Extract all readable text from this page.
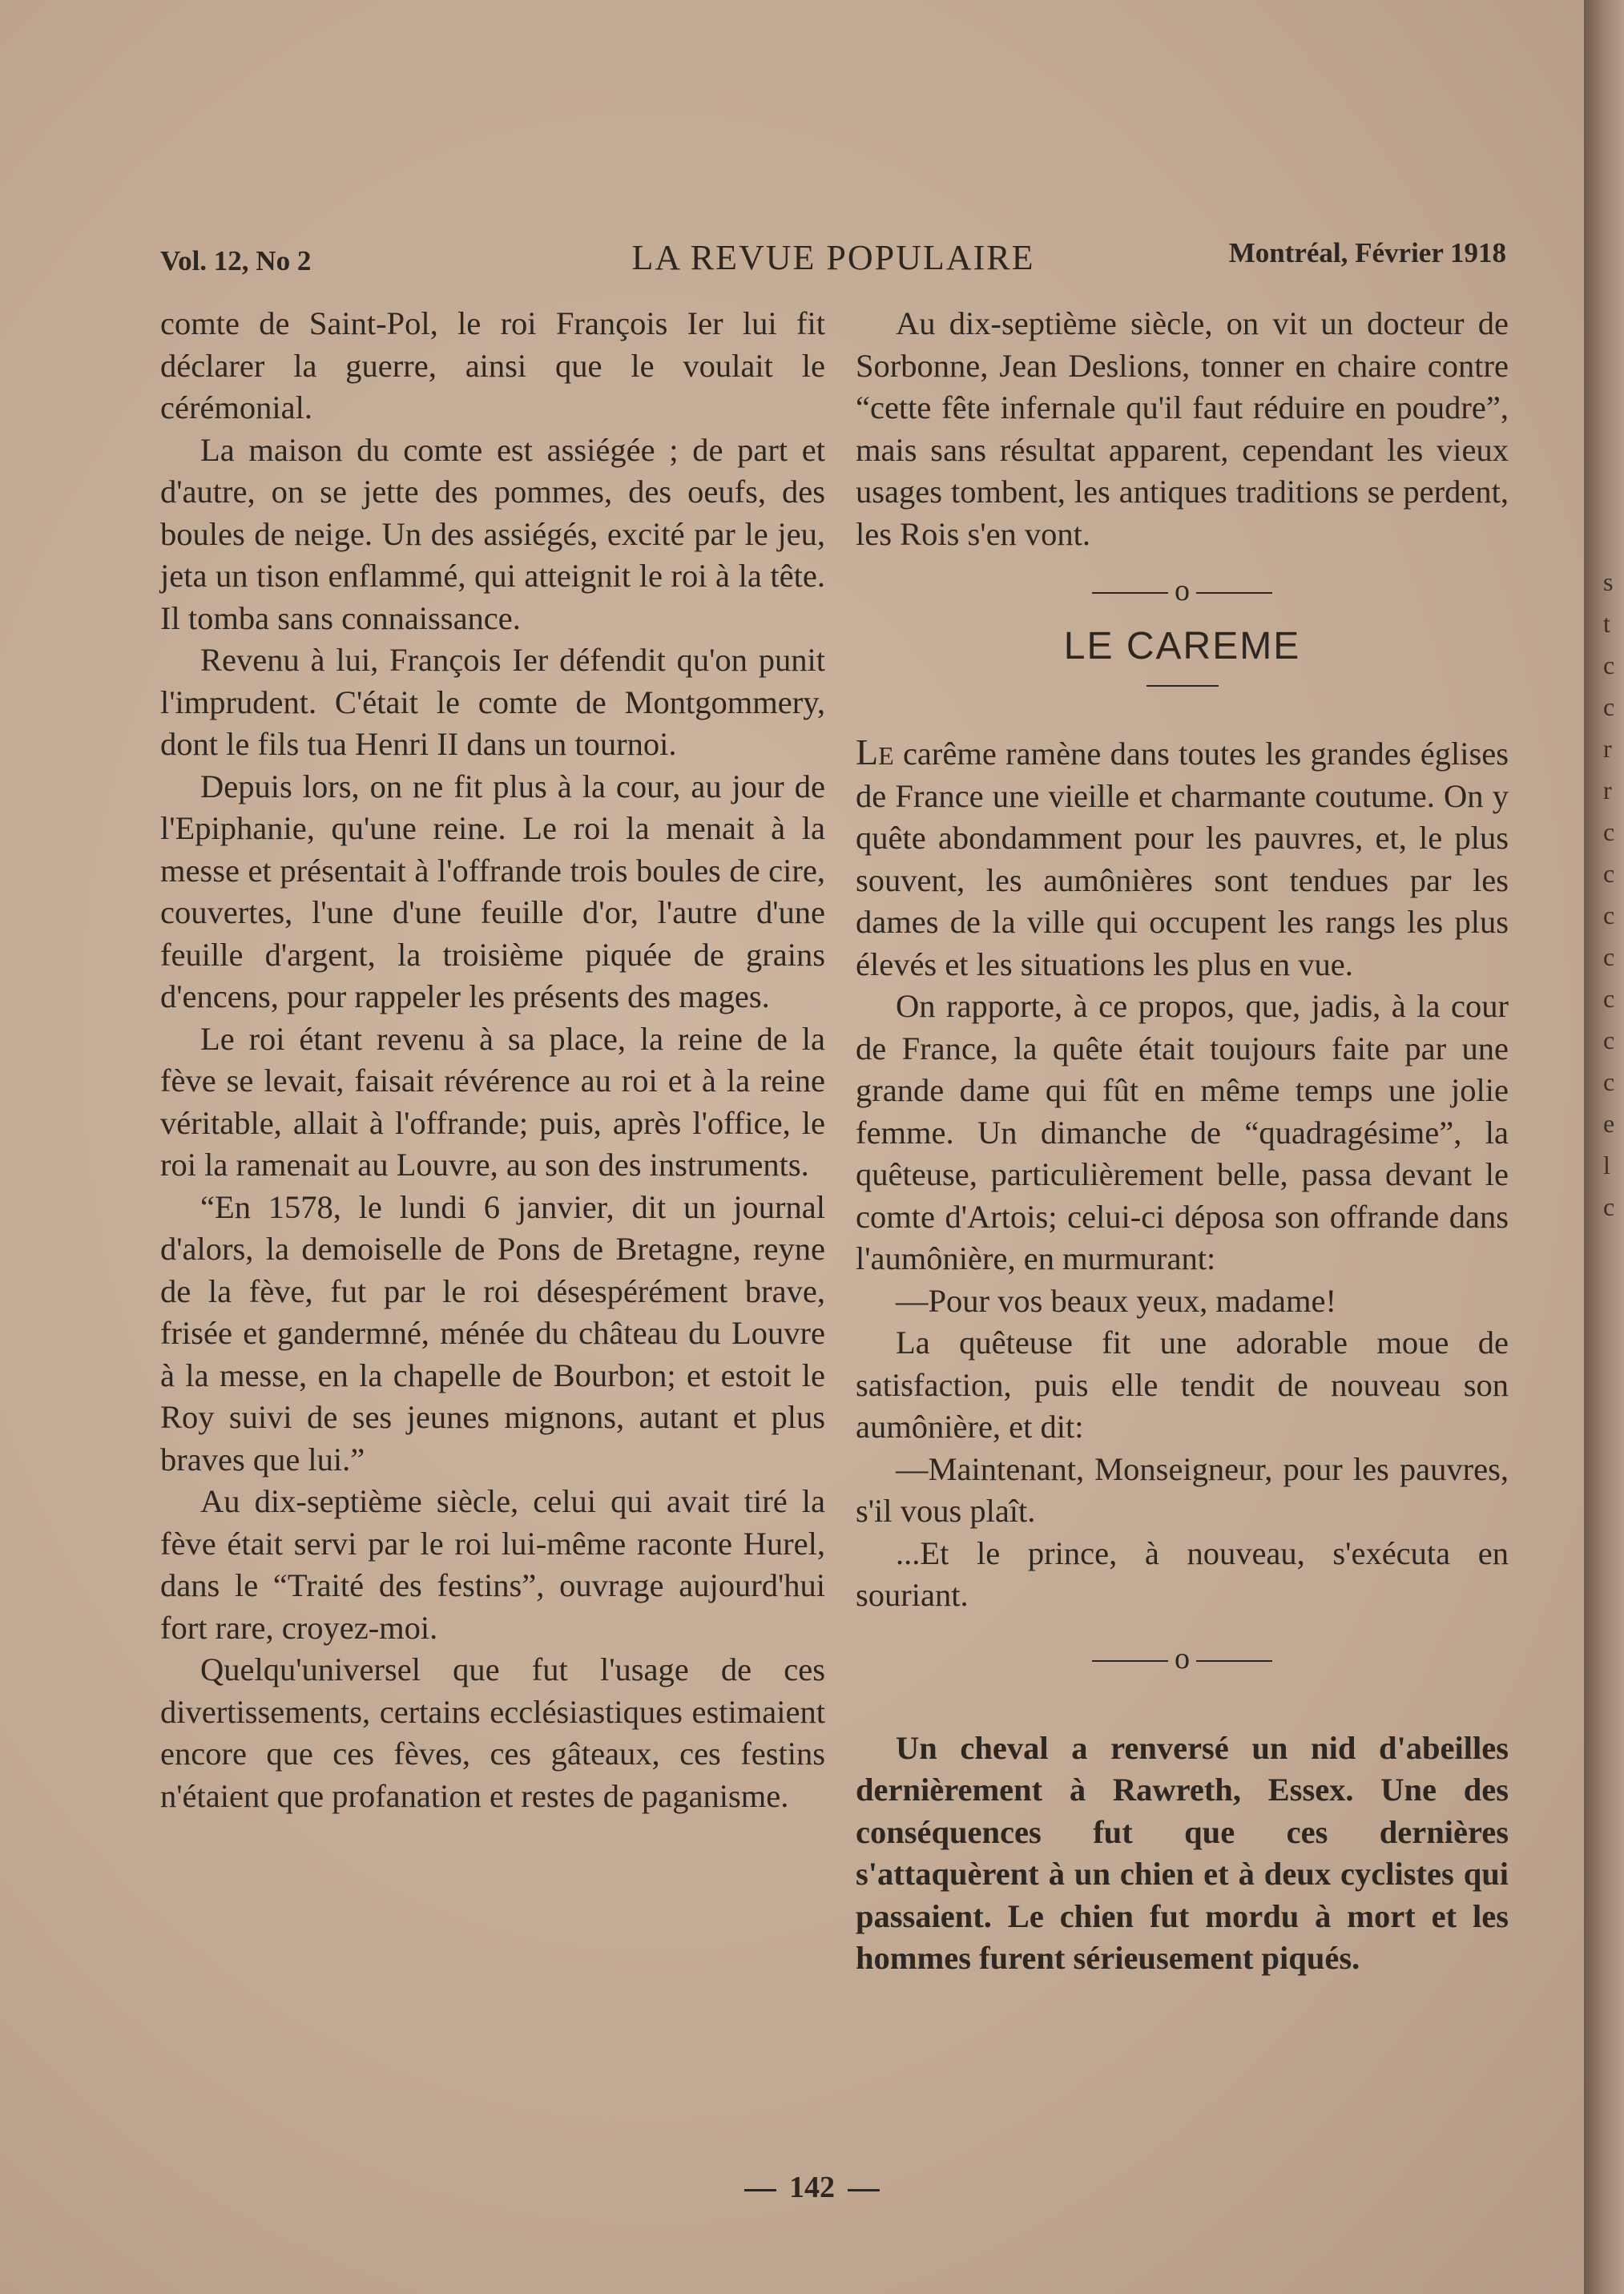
Vol. 12, No 2	LA REVUE POPULAIRE	Montréal, Février 1918

comte de Saint-Pol, le roi François Ier lui fit déclarer la guerre, ainsi que le voulait le cérémonial.

La maison du comte est assiégée ; de part et d'autre, on se jette des pommes, des oeufs, des boules de neige. Un des assiégés, excité par le jeu, jeta un tison enflammé, qui atteignit le roi à la tête. Il tomba sans connaissance.

Revenu à lui, François Ier défendit qu'on punit l'imprudent. C'était le comte de Montgommery, dont le fils tua Henri II dans un tournoi.

Depuis lors, on ne fit plus à la cour, au jour de l'Epiphanie, qu'une reine. Le roi la menait à la messe et présentait à l'offrande trois boules de cire, couvertes, l'une d'une feuille d'or, l'autre d'une feuille d'argent, la troisième piquée de grains d'encens, pour rappeler les présents des mages.

Le roi étant revenu à sa place, la reine de la fève se levait, faisait révérence au roi et à la reine véritable, allait à l'offrande; puis, après l'office, le roi la ramenait au Louvre, au son des instruments.

“En 1578, le lundi 6 janvier, dit un journal d'alors, la demoiselle de Pons de Bretagne, reyne de la fève, fut par le roi désespérément brave, frisée et gandermné, ménée du château du Louvre à la messe, en la chapelle de Bourbon; et estoit le Roy suivi de ses jeunes mignons, autant et plus braves que lui.”

Au dix-septième siècle, celui qui avait tiré la fève était servi par le roi lui-même raconte Hurel, dans le “Traité des festins”, ouvrage aujourd'hui fort rare, croyez-moi.

Quelqu'universel que fut l'usage de ces divertissements, certains ecclésiastiques estimaient encore que ces fèves, ces gâteaux, ces festins n'étaient que profanation et restes de paganisme.

Au dix-septième siècle, on vit un docteur de Sorbonne, Jean Deslions, tonner en chaire contre “cette fête infernale qu'il faut réduire en poudre”, mais sans résultat apparent, cependant les vieux usages tombent, les antiques traditions se perdent, les Rois s'en vont.

o
LE CAREME

Le carême ramène dans toutes les grandes églises de France une vieille et charmante coutume. On y quête abondamment pour les pauvres, et, le plus souvent, les aumônières sont tendues par les dames de la ville qui occupent les rangs les plus élevés et les situations les plus en vue.

On rapporte, à ce propos, que, jadis, à la cour de France, la quête était toujours faite par une grande dame qui fût en même temps une jolie femme. Un dimanche de “quadragésime”, la quêteuse, particulièrement belle, passa devant le comte d'Artois; celui-ci déposa son offrande dans l'aumônière, en murmurant:

—Pour vos beaux yeux, madame!

La quêteuse fit une adorable moue de satisfaction, puis elle tendit de nouveau son aumônière, et dit:

—Maintenant, Monseigneur, pour les pauvres, s'il vous plaît.

...Et le prince, à nouveau, s'exécuta en souriant.

o

Un cheval a renversé un nid d'abeilles dernièrement à Rawreth, Essex. Une des conséquences fut que ces dernières s'attaquèrent à un chien et à deux cyclistes qui passaient. Le chien fut mordu à mort et les hommes furent sérieusement piqués.

142
s
t
c
c
r
r
c
c
c
c
c
c
c
e
l
c
